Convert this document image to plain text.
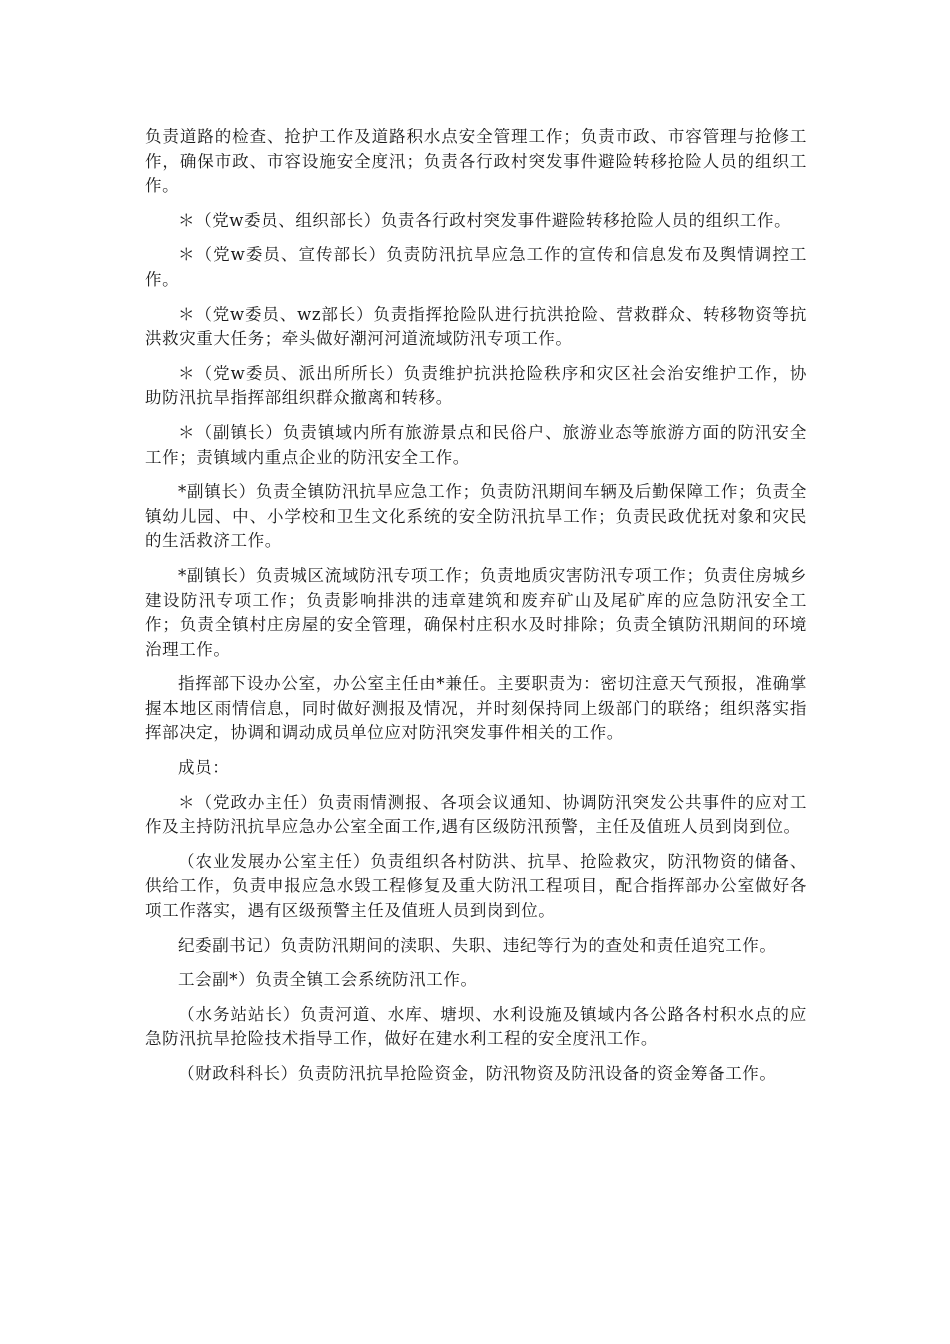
负责道路的检查、抢护工作及道路积水点安全管理工作；负责市政、市容管理与抢修工作，确保市政、市容设施安全度汛；负责各行政村突发事件避险转移抢险人员的组织工作。

＊（党w委员、组织部长）负责各行政村突发事件避险转移抢险人员的组织工作。

＊（党w委员、宣传部长）负责防汛抗旱应急工作的宣传和信息发布及舆情调控工作。

＊（党w委员、wz部长）负责指挥抢险队进行抗洪抢险、营救群众、转移物资等抗洪救灾重大任务；牵头做好潮河河道流域防汛专项工作。

＊（党w委员、派出所所长）负责维护抗洪抢险秩序和灾区社会治安维护工作，协助防汛抗旱指挥部组织群众撤离和转移。

＊（副镇长）负责镇域内所有旅游景点和民俗户、旅游业态等旅游方面的防汛安全工作；责镇域内重点企业的防汛安全工作。

*副镇长）负责全镇防汛抗旱应急工作；负责防汛期间车辆及后勤保障工作；负责全镇幼儿园、中、小学校和卫生文化系统的安全防汛抗旱工作；负责民政优抚对象和灾民的生活救济工作。

*副镇长）负责城区流域防汛专项工作；负责地质灾害防汛专项工作；负责住房城乡建设防汛专项工作；负责影响排洪的违章建筑和废弃矿山及尾矿库的应急防汛安全工作；负责全镇村庄房屋的安全管理，确保村庄积水及时排除；负责全镇防汛期间的环境治理工作。

指挥部下设办公室，办公室主任由*兼任。主要职责为：密切注意天气预报，准确掌握本地区雨情信息，同时做好测报及情况，并时刻保持同上级部门的联络；组织落实指挥部决定，协调和调动成员单位应对防汛突发事件相关的工作。

成员：

＊（党政办主任）负责雨情测报、各项会议通知、协调防汛突发公共事件的应对工作及主持防汛抗旱应急办公室全面工作,遇有区级防汛预警，主任及值班人员到岗到位。

（农业发展办公室主任）负责组织各村防洪、抗旱、抢险救灾，防汛物资的储备、供给工作，负责申报应急水毁工程修复及重大防汛工程项目，配合指挥部办公室做好各项工作落实，遇有区级预警主任及值班人员到岗到位。

纪委副书记）负责防汛期间的渎职、失职、违纪等行为的查处和责任追究工作。

工会副*）负责全镇工会系统防汛工作。

（水务站站长）负责河道、水库、塘坝、水利设施及镇域内各公路各村积水点的应急防汛抗旱抢险技术指导工作，做好在建水利工程的安全度汛工作。

（财政科科长）负责防汛抗旱抢险资金，防汛物资及防汛设备的资金筹备工作。
